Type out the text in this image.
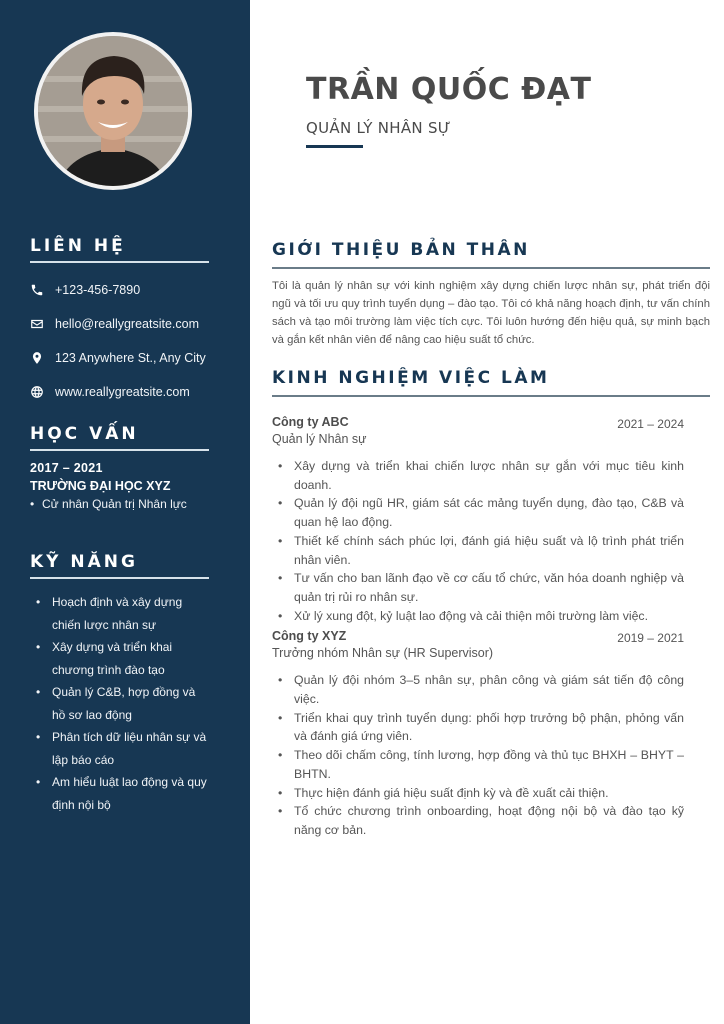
LIÊN HỆ
+123-456-7890
hello@reallygreatsite.com
123 Anywhere St., Any City
www.reallygreatsite.com
HỌC VẤN
2017 – 2021
TRƯỜNG ĐẠI HỌC XYZ
• Cử nhân Quản trị Nhân lực
KỸ NĂNG
• Hoạch định và xây dựng chiến lược nhân sự
• Xây dựng và triển khai chương trình đào tạo
• Quản lý C&B, hợp đồng và hồ sơ lao động
• Phân tích dữ liệu nhân sự và lập báo cáo
• Am hiểu luật lao động và quy định nội bộ
TRẦN QUỐC ĐẠT
QUẢN LÝ NHÂN SỰ
GIỚI THIỆU BẢN THÂN

Tôi là quản lý nhân sự với kinh nghiệm xây dựng chiến lược nhân sự, phát triển đội ngũ và tối ưu quy trình tuyển dụng – đào tạo. Tôi có khả năng hoạch định, tư vấn chính sách và tạo môi trường làm việc tích cực. Tôi luôn hướng đến hiệu quả, sự minh bạch và gắn kết nhân viên để nâng cao hiệu suất tổ chức.

KINH NGHIỆM VIỆC LÀM
Công ty ABC	2021 – 2024
Quản lý Nhân sự
• Xây dựng và triển khai chiến lược nhân sự gắn với mục tiêu kinh doanh.
• Quản lý đội ngũ HR, giám sát các mảng tuyển dụng, đào tạo, C&B và quan hệ lao động.
• Thiết kế chính sách phúc lợi, đánh giá hiệu suất và lộ trình phát triển nhân viên.
• Tư vấn cho ban lãnh đạo về cơ cấu tổ chức, văn hóa doanh nghiệp và quản trị rủi ro nhân sự.
• Xử lý xung đột, kỷ luật lao động và cải thiện môi trường làm việc.
Công ty XYZ	2019 – 2021
Trưởng nhóm Nhân sự (HR Supervisor)
• Quản lý đội nhóm 3–5 nhân sự, phân công và giám sát tiến độ công việc.
• Triển khai quy trình tuyển dụng: phối hợp trưởng bộ phận, phỏng vấn và đánh giá ứng viên.
• Theo dõi chấm công, tính lương, hợp đồng và thủ tục BHXH – BHYT – BHTN.
• Thực hiện đánh giá hiệu suất định kỳ và đề xuất cải thiện.
• Tổ chức chương trình onboarding, hoạt động nội bộ và đào tạo kỹ năng cơ bản.
